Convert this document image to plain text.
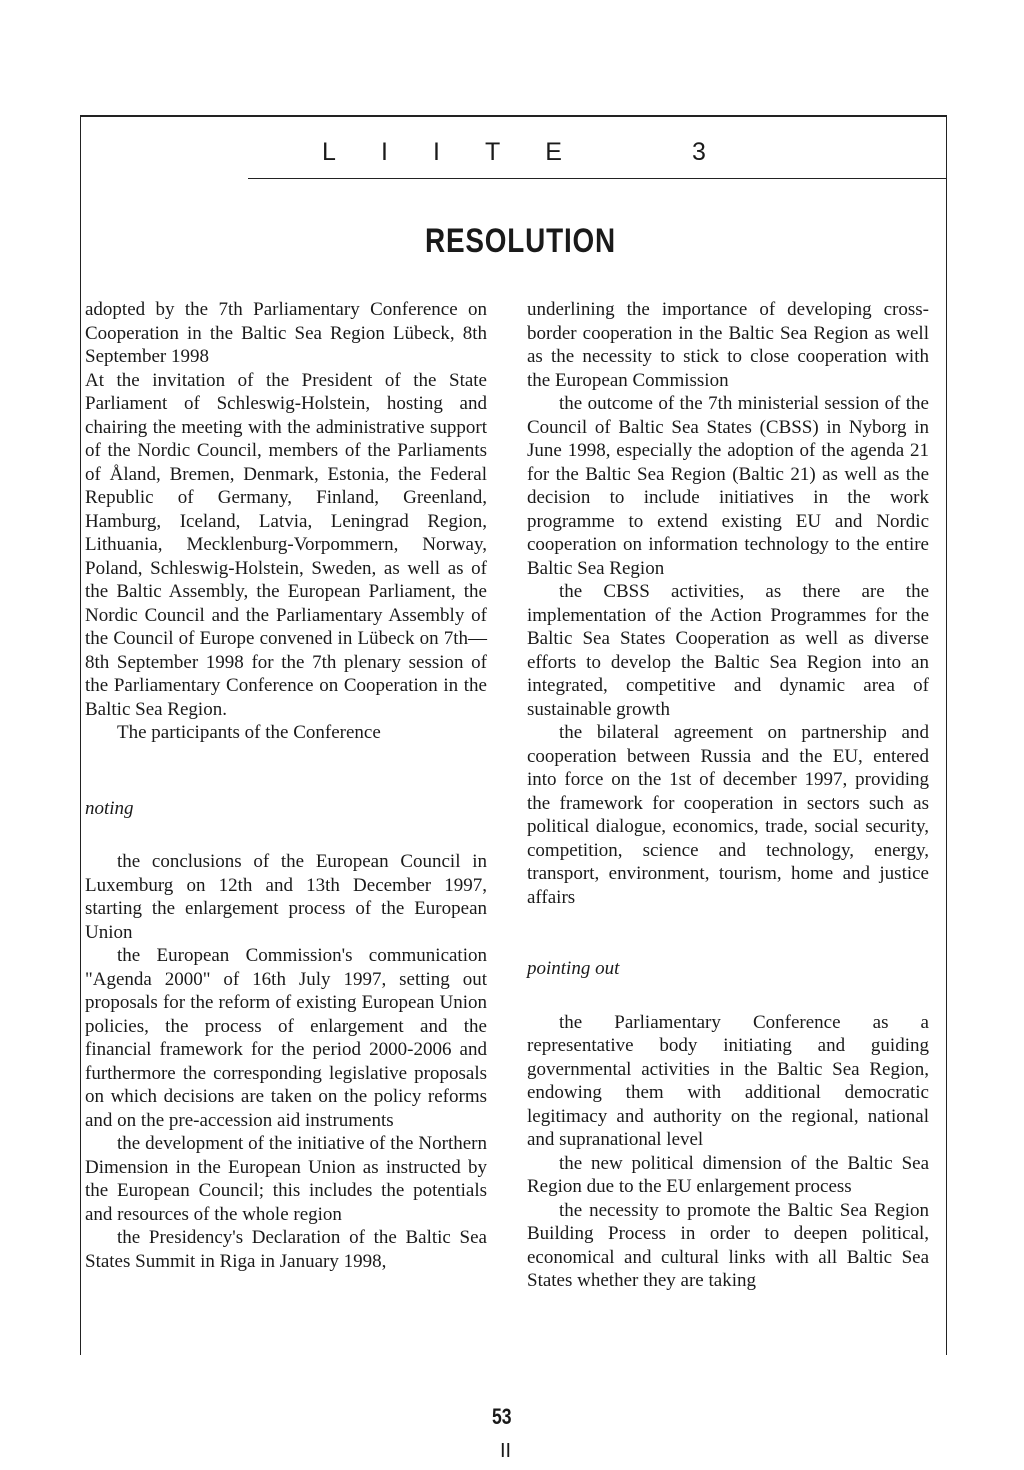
L I I T E	3
RESOLUTION

adopted by the 7th Parliamentary Conference on Cooperation in the Baltic Sea Region Lübeck, 8th September 1998

At the invitation of the President of the State Parliament of Schleswig-Holstein, hosting and chairing the meeting with the administrative support of the Nordic Council, members of the Parliaments of Åland, Bremen, Denmark, Estonia, the Federal Republic of Germany, Finland, Greenland, Hamburg, Iceland, Latvia, Leningrad Region, Lithuania, Mecklenburg-Vorpommern, Norway, Poland, Schleswig-Holstein, Sweden, as well as of the Baltic Assembly, the European Parliament, the Nordic Council and the Parliamentary Assembly of the Council of Europe convened in Lübeck on 7th—8th September 1998 for the 7th plenary session of the Parliamentary Conference on Cooperation in the Baltic Sea Region.

The participants of the Conference

noting

the conclusions of the European Council in Luxemburg on 12th and 13th December 1997, starting the enlargement process of the European Union

the European Commission's communication "Agenda 2000" of 16th July 1997, setting out proposals for the reform of existing European Union policies, the process of enlargement and the financial framework for the period 2000-2006 and furthermore the corresponding legislative proposals on which decisions are taken on the policy reforms and on the pre-accession aid instruments

the development of the initiative of the Northern Dimension in the European Union as instructed by the European Council; this includes the potentials and resources of the whole region

the Presidency's Declaration of the Baltic Sea States Summit in Riga in January 1998,

underlining the importance of developing cross-border cooperation in the Baltic Sea Region as well as the necessity to stick to close cooperation with the European Commission

the outcome of the 7th ministerial session of the Council of Baltic Sea States (CBSS) in Nyborg in June 1998, especially the adoption of the agenda 21 for the Baltic Sea Region (Baltic 21) as well as the decision to include initiatives in the work programme to extend existing EU and Nordic cooperation on information technology to the entire Baltic Sea Region

the CBSS activities, as there are the implementation of the Action Programmes for the Baltic Sea States Cooperation as well as diverse efforts to develop the Baltic Sea Region into an integrated, competitive and dynamic area of sustainable growth

the bilateral agreement on partnership and cooperation between Russia and the EU, entered into force on the 1st of december 1997, providing the framework for cooperation in sectors such as political dialogue, economics, trade, social security, competition, science and technology, energy, transport, environment, tourism, home and justice affairs

pointing out

the Parliamentary Conference as a representative body initiating and guiding governmental activities in the Baltic Sea Region, endowing them with additional democratic legitimacy and authority on the regional, national and supranational level

the new political dimension of the Baltic Sea Region due to the EU enlargement process

the necessity to promote the Baltic Sea Region Building Process in order to deepen political, economical and cultural links with all Baltic Sea States whether they are taking

53
II
